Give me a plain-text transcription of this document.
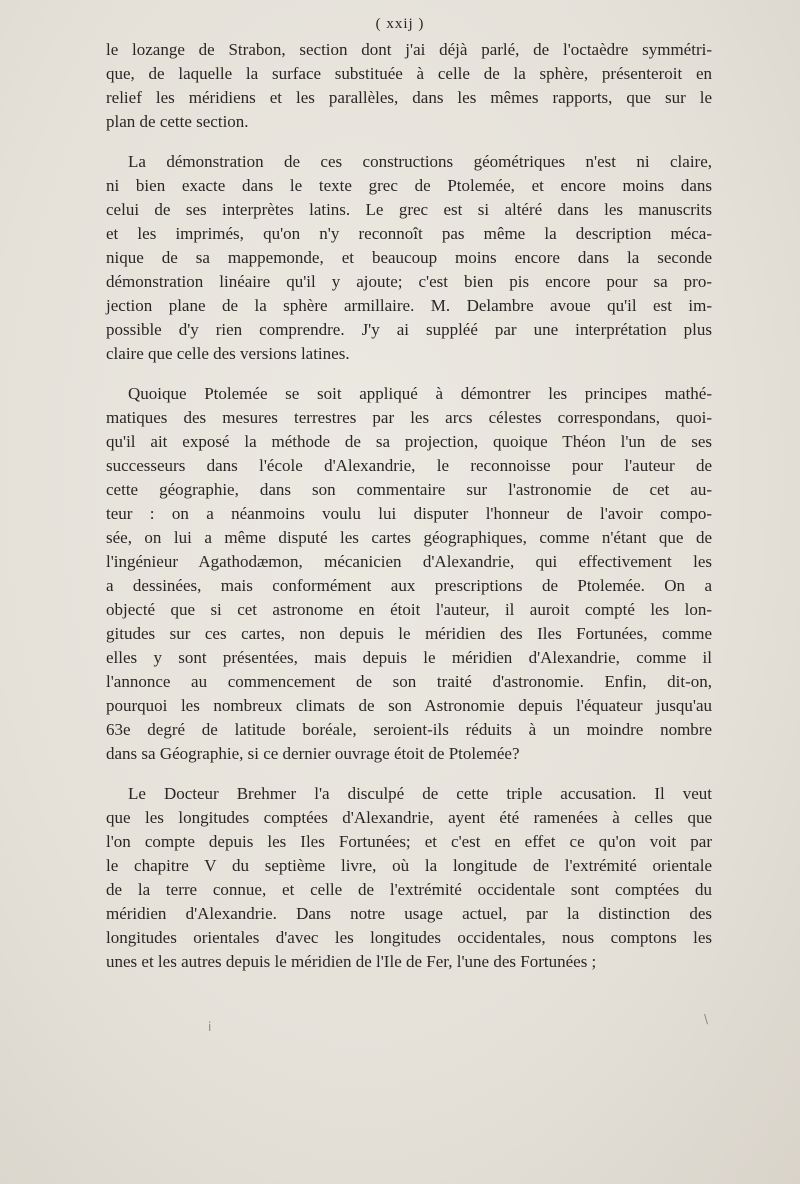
( xxij )
le lozange de Strabon, section dont j'ai déjà parlé, de l'octaèdre symmétri-
que, de laquelle la surface substituée à celle de la sphère, présenteroit en
relief les méridiens et les parallèles, dans les mêmes rapports, que sur le
plan de cette section.
La démonstration de ces constructions géométriques n'est ni claire,
ni bien exacte dans le texte grec de Ptolemée, et encore moins dans
celui de ses interprètes latins. Le grec est si altéré dans les manuscrits
et les imprimés, qu'on n'y reconnoît pas même la description méca-
nique de sa mappemonde, et beaucoup moins encore dans la seconde
démonstration linéaire qu'il y ajoute; c'est bien pis encore pour sa pro-
jection plane de la sphère armillaire. M. Delambre avoue qu'il est im-
possible d'y rien comprendre. J'y ai suppléé par une interprétation plus
claire que celle des versions latines.
Quoique Ptolemée se soit appliqué à démontrer les principes mathé-
matiques des mesures terrestres par les arcs célestes correspondans, quoi-
qu'il ait exposé la méthode de sa projection, quoique Théon l'un de ses
successeurs dans l'école d'Alexandrie, le reconnoisse pour l'auteur de
cette géographie, dans son commentaire sur l'astronomie de cet au-
teur : on a néanmoins voulu lui disputer l'honneur de l'avoir compo-
sée, on lui a même disputé les cartes géographiques, comme n'étant que de
l'ingénieur Agathodæmon, mécanicien d'Alexandrie, qui effectivement les
a dessinées, mais conformément aux prescriptions de Ptolemée. On a
objecté que si cet astronome en étoit l'auteur, il auroit compté les lon-
gitudes sur ces cartes, non depuis le méridien des Iles Fortunées, comme
elles y sont présentées, mais depuis le méridien d'Alexandrie, comme il
l'annonce au commencement de son traité d'astronomie. Enfin, dit-on,
pourquoi les nombreux climats de son Astronomie depuis l'équateur jusqu'au
63e degré de latitude boréale, seroient-ils réduits à un moindre nombre
dans sa Géographie, si ce dernier ouvrage étoit de Ptolemée?
Le Docteur Brehmer l'a disculpé de cette triple accusation. Il veut
que les longitudes comptées d'Alexandrie, ayent été ramenées à celles que
l'on compte depuis les Iles Fortunées; et c'est en effet ce qu'on voit par
le chapitre V du septième livre, où la longitude de l'extrémité orientale
de la terre connue, et celle de l'extrémité occidentale sont comptées du
méridien d'Alexandrie. Dans notre usage actuel, par la distinction des
longitudes orientales d'avec les longitudes occidentales, nous comptons les
unes et les autres depuis le méridien de l'Ile de Fer, l'une des Fortunées ;
\
i
